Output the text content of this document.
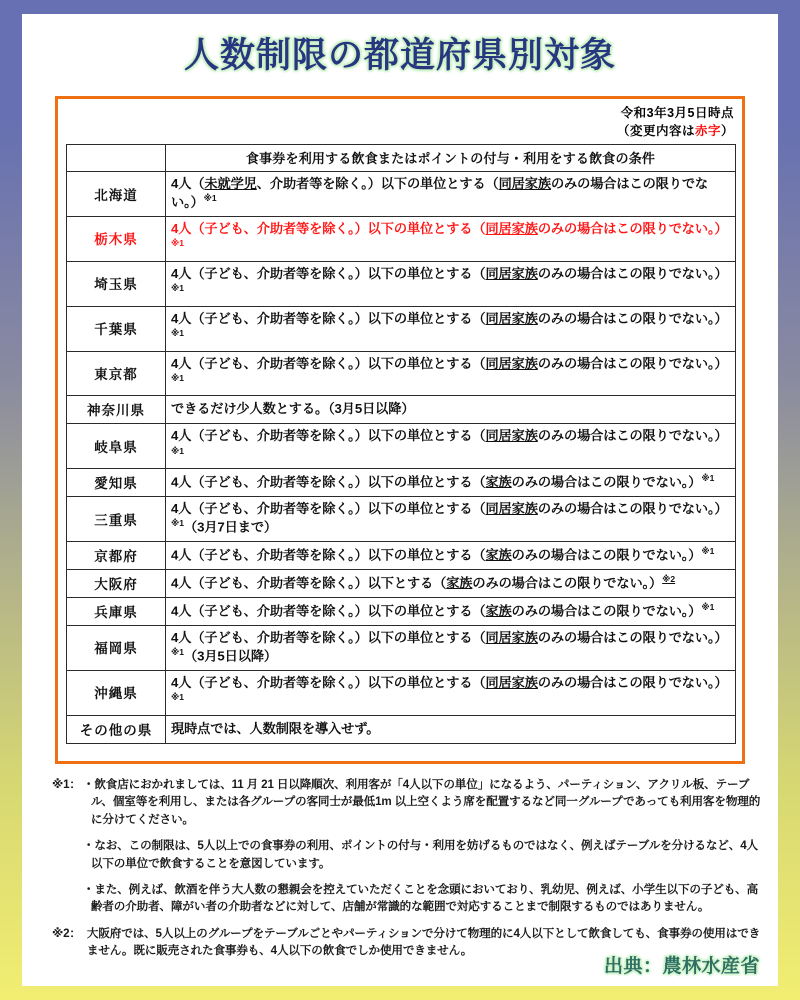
人数制限の都道府県別対象
令和3年3月5日時点
（変更内容は赤字）
	食事券を利用する飲食またはポイントの付与・利用をする飲食の条件
北海道	4人（未就学児、介助者等を除く。）以下の単位とする（同居家族のみの場合はこの限りでない。）$^{※1}$
栃木県	4人（子ども、介助者等を除く。）以下の単位とする（同居家族のみの場合はこの限りでない。）$^{※1}$
埼玉県	4人（子ども、介助者等を除く。）以下の単位とする（同居家族のみの場合はこの限りでない。）$^{※1}$
千葉県	4人（子ども、介助者等を除く。）以下の単位とする（同居家族のみの場合はこの限りでない。）$^{※1}$
東京都	4人（子ども、介助者等を除く。）以下の単位とする（同居家族のみの場合はこの限りでない。）$^{※1}$
神奈川県	できるだけ少人数とする。（3月5日以降）
岐阜県	4人（子ども、介助者等を除く。）以下の単位とする（同居家族のみの場合はこの限りでない。）$^{※1}$
愛知県	4人（子ども、介助者等を除く。）以下の単位とする（家族のみの場合はこの限りでない。）$^{※1}$
三重県	4人（子ども、介助者等を除く。）以下の単位とする（同居家族のみの場合はこの限りでない。）$^{※1}$（3月7日まで）
京都府	4人（子ども、介助者等を除く。）以下の単位とする（家族のみの場合はこの限りでない。）$^{※1}$
大阪府	4人（子ども、介助者等を除く。）以下とする（家族のみの場合はこの限りでない。）$^{※2}$
兵庫県	4人（子ども、介助者等を除く。）以下の単位とする（家族のみの場合はこの限りでない。）$^{※1}$
福岡県	4人（子ども、介助者等を除く。）以下の単位とする（同居家族のみの場合はこの限りでない。）$^{※1}$（3月5日以降）
沖縄県	4人（子ども、介助者等を除く。）以下の単位とする（同居家族のみの場合はこの限りでない。）$^{※1}$
その他の県	現時点では、人数制限を導入せず。
※1： ・飲食店におかれましては、11 月 21 日以降順次、利用客が「4人以下の単位」になるよう、パーティション、アクリル板、テーブル、個室等を利用し、または各グループの客同士が最低1m 以上空くよう席を配置するなど同一グループであっても利用客を物理的に分けてください。
・なお、この制限は、5人以上での食事券の利用、ポイントの付与・利用を妨げるものではなく、例えばテーブルを分けるなど、4人以下の単位で飲食することを意図しています。
・また、例えば、飲酒を伴う大人数の懇親会を控えていただくことを念頭においており、乳幼児、例えば、小学生以下の子ども、高齢者の介助者、障がい者の介助者などに対して、店舗が常識的な範囲で対応することまで制限するものではありません。
※2： 大阪府では、5人以上のグループをテーブルごとやパーティションで分けて物理的に4人以下として飲食しても、食事券の使用はできません。既に販売された食事券も、4人以下の飲食でしか使用できません。
出典：農林水産省
